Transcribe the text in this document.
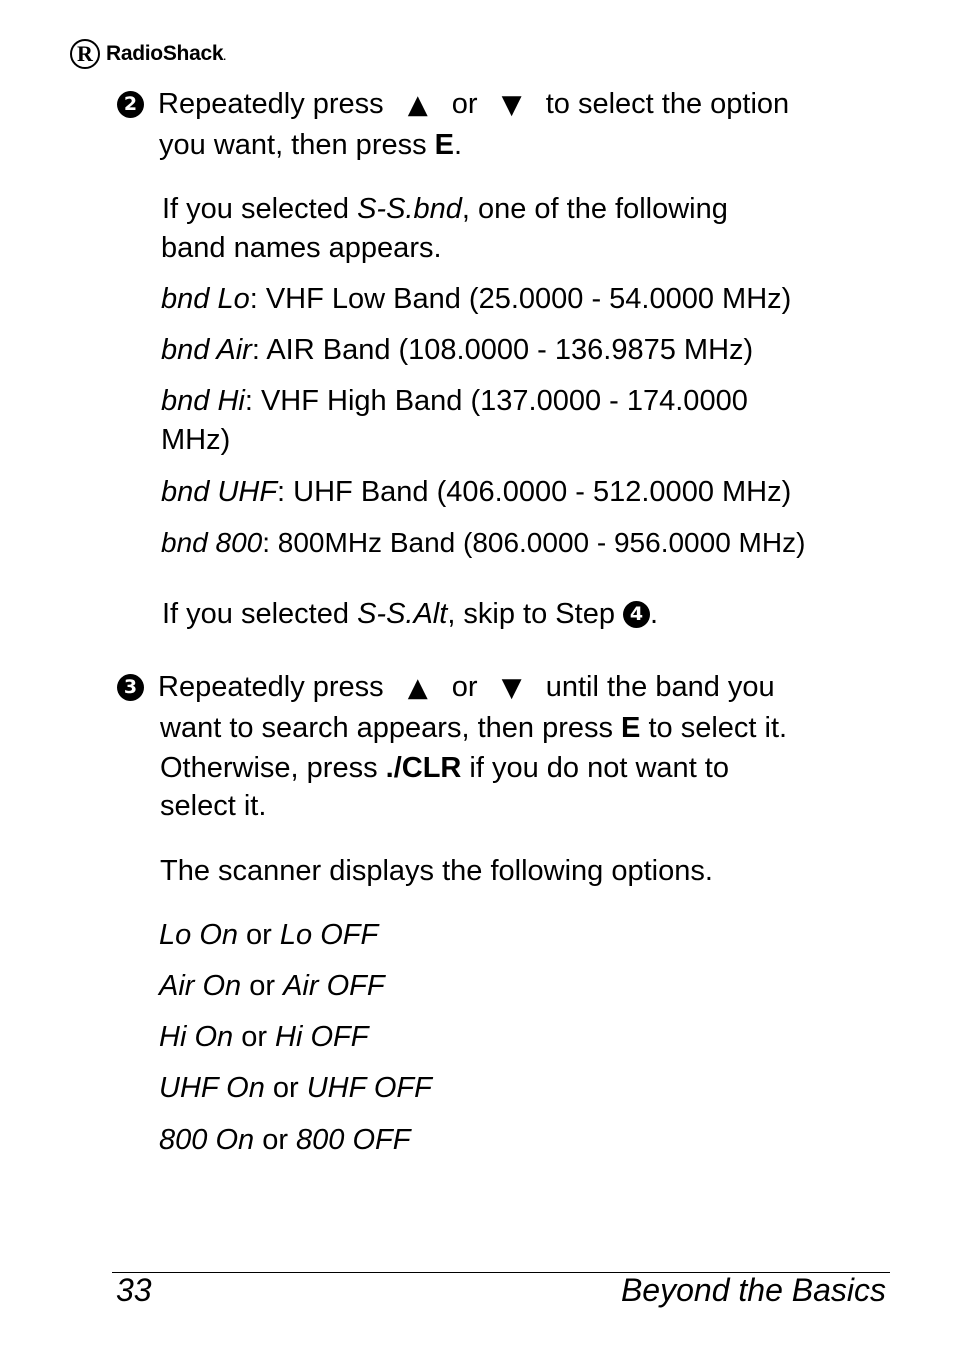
R RadioShack.
2 Repeatedly press ▲ or ▼ to select the option
you want, then press E.
If you selected S-S.bnd, one of the following
band names appears.
bnd Lo: VHF Low Band (25.0000 - 54.0000 MHz)
bnd Air: AIR Band (108.0000 - 136.9875 MHz)
bnd Hi: VHF High Band (137.0000 - 174.0000
MHz)
bnd UHF: UHF Band (406.0000 - 512.0000 MHz)
bnd 800: 800MHz Band (806.0000 - 956.0000 MHz)
If you selected S-S.Alt, skip to Step 4 .
3 Repeatedly press ▲ or ▼ until the band you
want to search appears, then press E to select it.
Otherwise, press ./CLR if you do not want to
select it.
The scanner displays the following options.
Lo On or Lo OFF
Air On or Air OFF
Hi On or Hi OFF
UHF On or UHF OFF
800 On or 800 OFF
33	Beyond the Basics
